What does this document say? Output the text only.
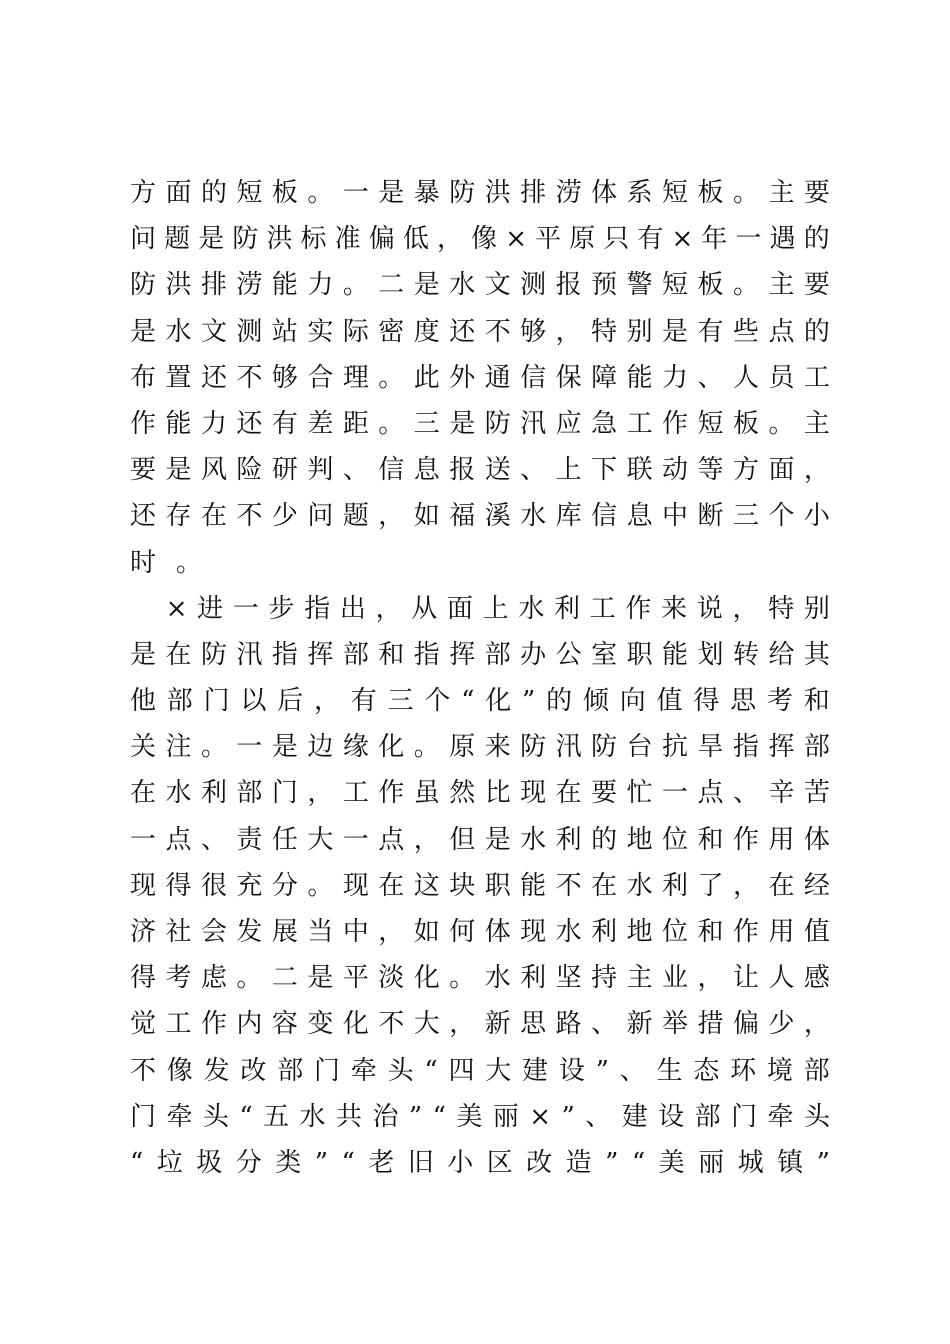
方 面 的 短 板 。 一 是 暴 防 洪 排 涝 体 系 短 板 。 主 要
问 题 是 防 洪 标 准 偏 低 ， 像 × 平 原 只 有 × 年 一 遇 的
防 洪 排 涝 能 力 。 二 是 水 文 测 报 预 警 短 板 。 主 要
是 水 文 测 站 实 际 密 度 还 不 够 ， 特 别 是 有 些 点 的
布 置 还 不 够 合 理 。 此 外 通 信 保 障 能 力 、 人 员 工
作 能 力 还 有 差 距 。 三 是 防 汛 应 急 工 作 短 板 。 主
要 是 风 险 研 判 、 信 息 报 送 、 上 下 联 动 等 方 面 ，
还 存 在 不 少 问 题 ， 如 福 溪 水 库 信 息 中 断 三 个 小
时 。

× 进 一 步 指 出 ， 从 面 上 水 利 工 作 来 说 ， 特 别
是 在 防 汛 指 挥 部 和 指 挥 部 办 公 室 职 能 划 转 给 其
他 部 门 以 后 ， 有 三 个 “ 化 ” 的 倾 向 值 得 思 考 和
关 注 。 一 是 边 缘 化 。 原 来 防 汛 防 台 抗 旱 指 挥 部
在 水 利 部 门 ， 工 作 虽 然 比 现 在 要 忙 一 点 、 辛 苦
一 点 、 责 任 大 一 点 ， 但 是 水 利 的 地 位 和 作 用 体
现 得 很 充 分 。 现 在 这 块 职 能 不 在 水 利 了 ， 在 经
济 社 会 发 展 当 中 ， 如 何 体 现 水 利 地 位 和 作 用 值
得 考 虑 。 二 是 平 淡 化 。 水 利 坚 持 主 业 ， 让 人 感
觉 工 作 内 容 变 化 不 大 ， 新 思 路 、 新 举 措 偏 少 ，
不 像 发 改 部 门 牵 头 “ 四 大 建 设 ” 、 生 态 环 境 部
门 牵 头 “ 五 水 共 治 ” “ 美 丽 × ” 、 建 设 部 门 牵 头
“ 垃 圾 分 类 ” “ 老 旧 小 区 改 造 ” “ 美 丽 城 镇 ”
